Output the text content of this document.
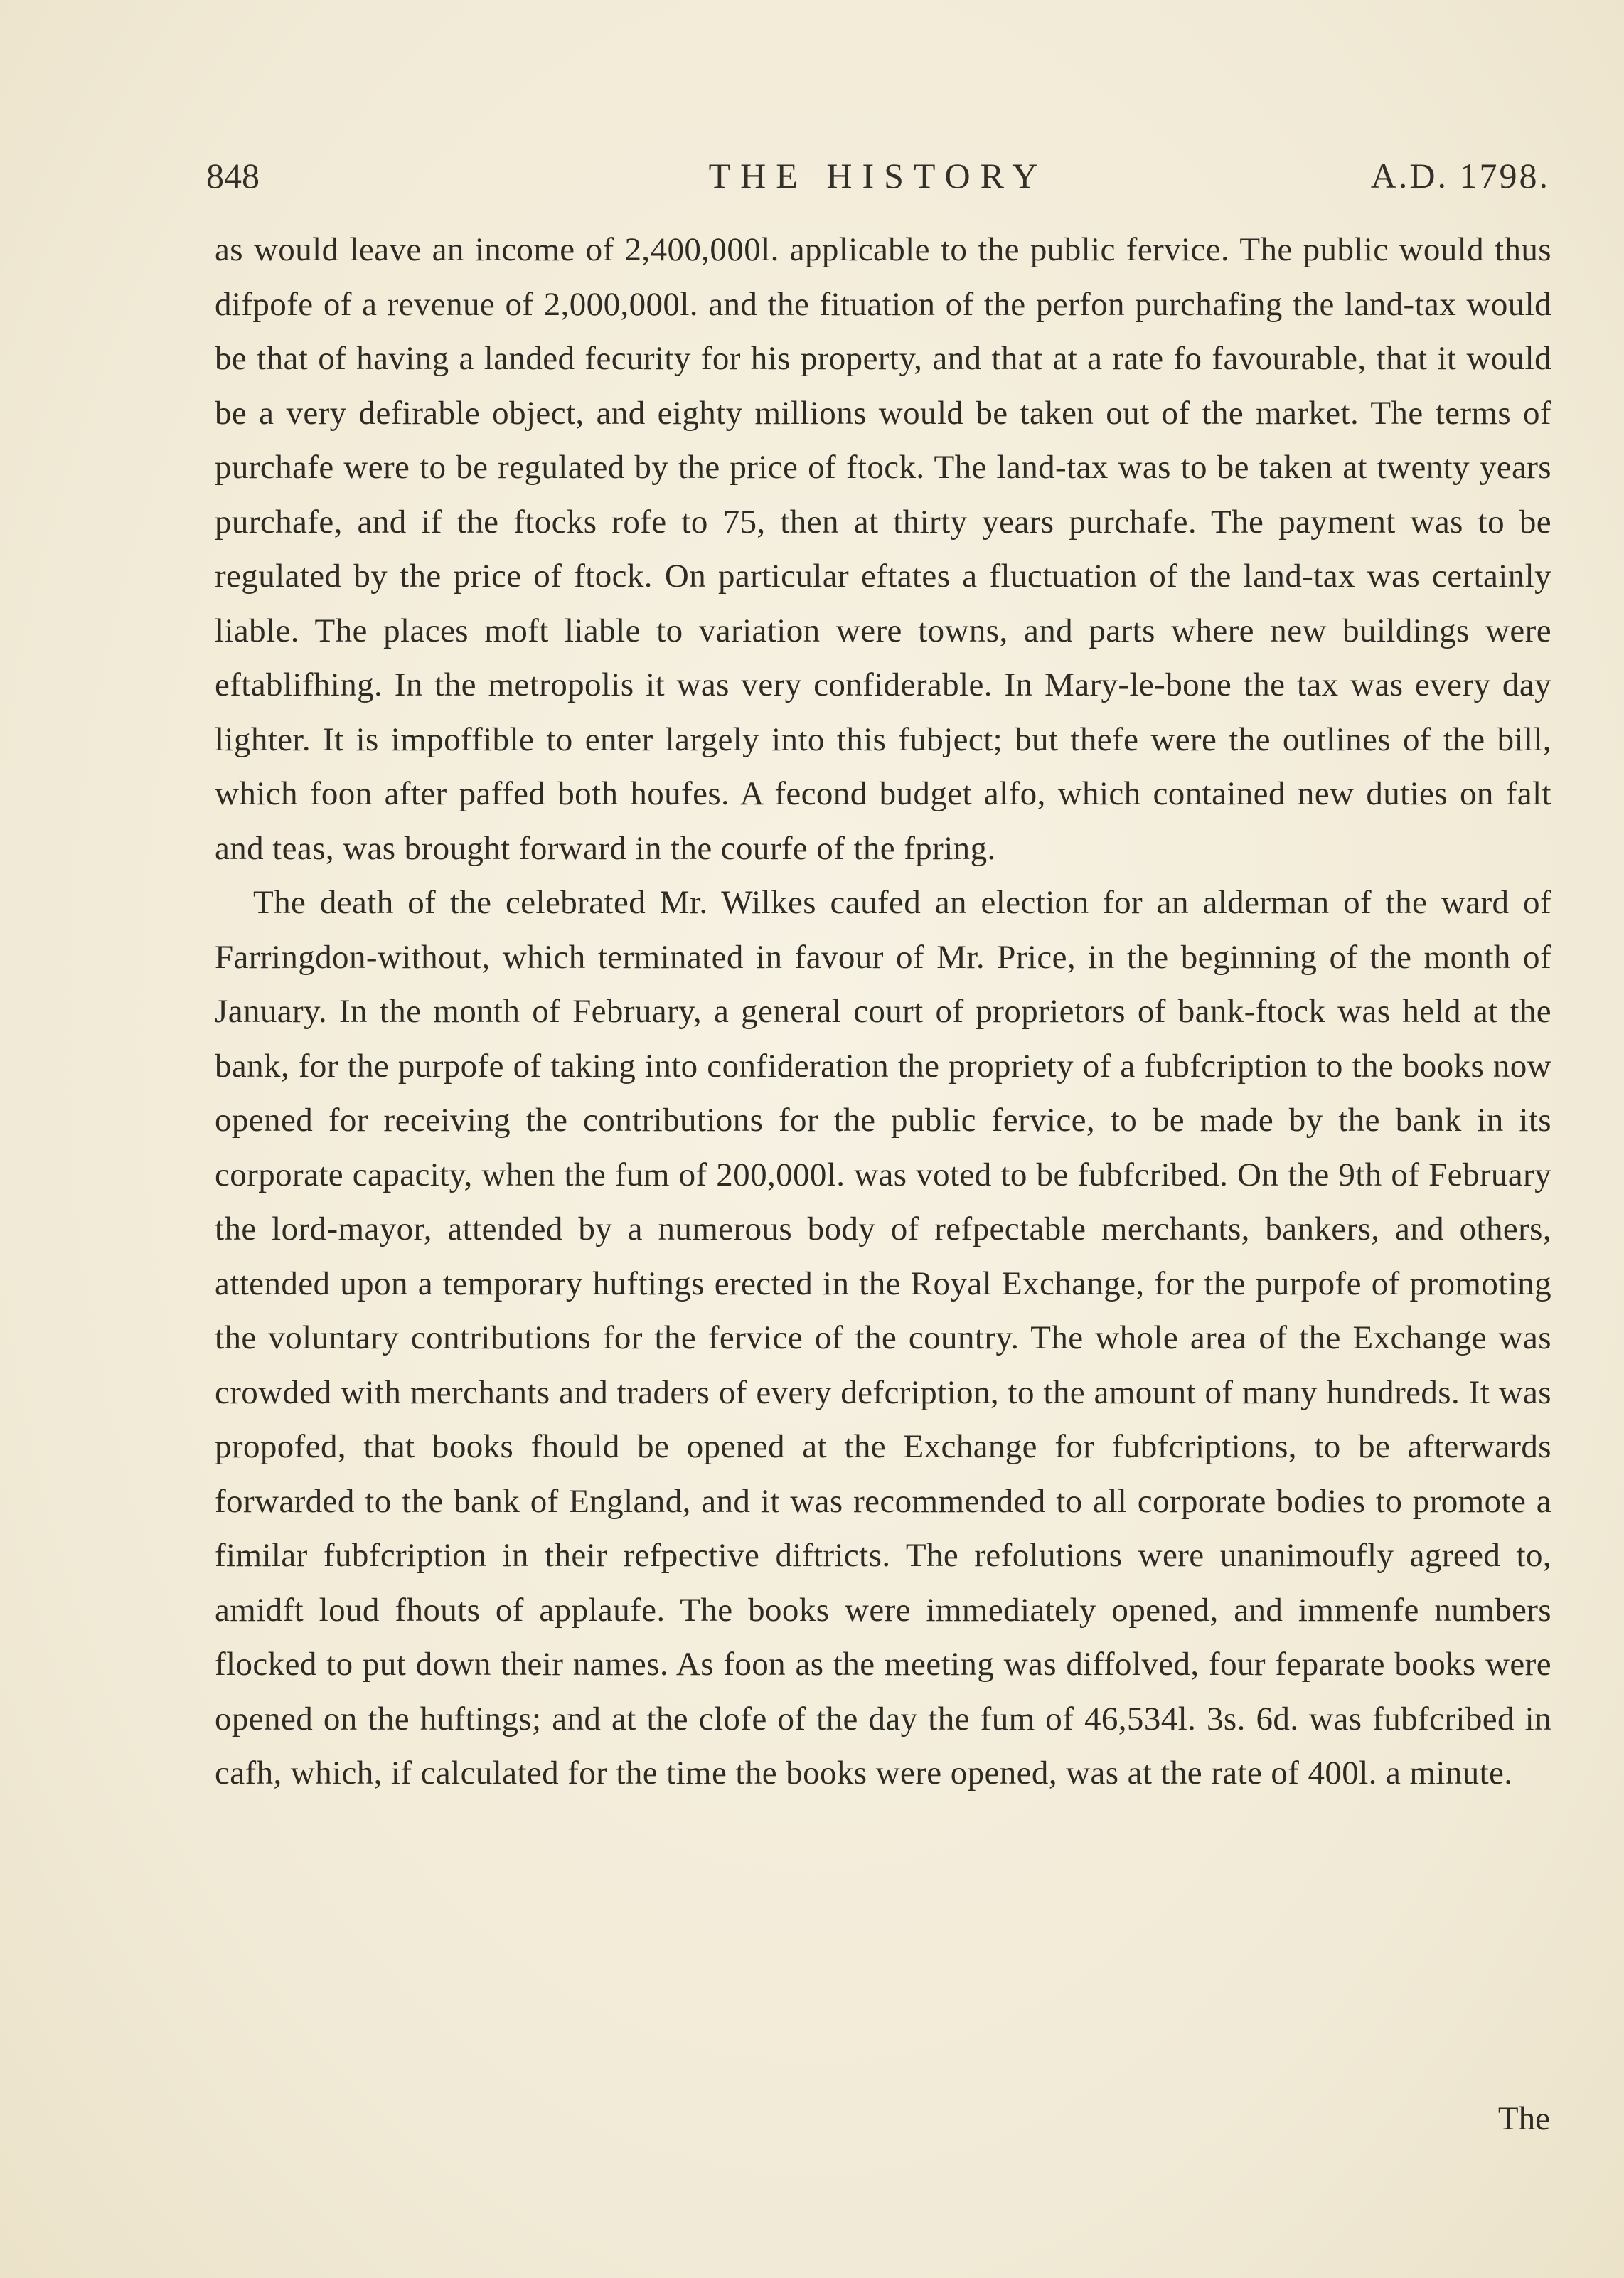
848	THE HISTORY	A.D. 1798.

as would leave an income of 2,400,000l. applicable to the public fervice. The public would thus difpofe of a revenue of 2,000,000l. and the fituation of the perfon purchafing the land-tax would be that of having a landed fecurity for his property, and that at a rate fo favourable, that it would be a very defirable object, and eighty millions would be taken out of the market. The terms of purchafe were to be regulated by the price of ftock. The land-tax was to be taken at twenty years purchafe, and if the ftocks rofe to 75, then at thirty years purchafe. The payment was to be regulated by the price of ftock. On particular eftates a fluctuation of the land-tax was certainly liable. The places moft liable to variation were towns, and parts where new buildings were eftablifhing. In the metropolis it was very confiderable. In Mary-le-bone the tax was every day lighter. It is impoffible to enter largely into this fubject; but thefe were the outlines of the bill, which foon after paffed both houfes. A fecond budget alfo, which contained new duties on falt and teas, was brought forward in the courfe of the fpring.

The death of the celebrated Mr. Wilkes caufed an election for an alderman of the ward of Farringdon-without, which terminated in favour of Mr. Price, in the beginning of the month of January. In the month of February, a general court of proprietors of bank-ftock was held at the bank, for the purpofe of taking into confideration the propriety of a fubfcription to the books now opened for receiving the contributions for the public fervice, to be made by the bank in its corporate capacity, when the fum of 200,000l. was voted to be fubfcribed. On the 9th of February the lord-mayor, attended by a numerous body of refpectable merchants, bankers, and others, attended upon a temporary huftings erected in the Royal Exchange, for the purpofe of promoting the voluntary contributions for the fervice of the country. The whole area of the Exchange was crowded with merchants and traders of every defcription, to the amount of many hundreds. It was propofed, that books fhould be opened at the Exchange for fubfcriptions, to be afterwards forwarded to the bank of England, and it was recommended to all corporate bodies to promote a fimilar fubfcription in their refpective diftricts. The refolutions were unanimoufly agreed to, amidft loud fhouts of applaufe. The books were immediately opened, and immenfe numbers flocked to put down their names. As foon as the meeting was diffolved, four feparate books were opened on the huftings; and at the clofe of the day the fum of 46,534l. 3s. 6d. was fubfcribed in cafh, which, if calculated for the time the books were opened, was at the rate of 400l. a minute.

The
